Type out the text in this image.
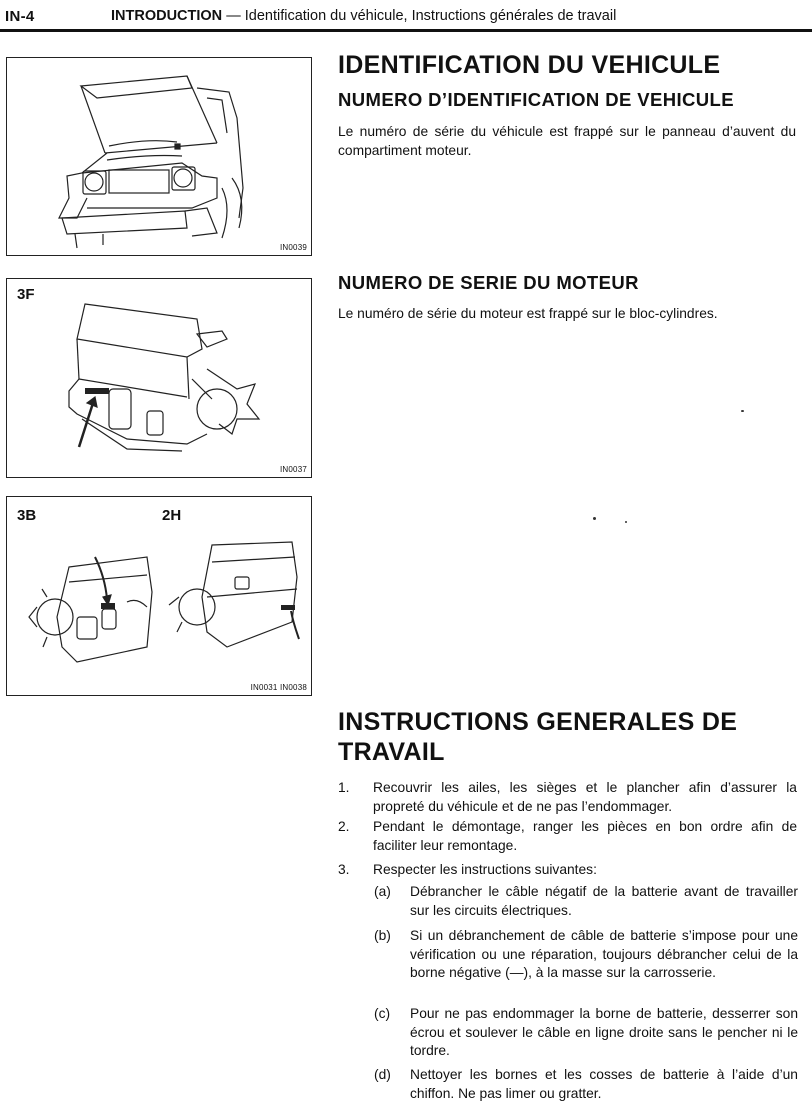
IN-4	INTRODUCTION — Identification du véhicule, Instructions générales de travail
IN0039
3F
IN0037
3B	2H
IN0031 IN0038
IDENTIFICATION DU VEHICULE
NUMERO D’IDENTIFICATION DE VEHICULE
Le numéro de série du véhicule est frappé sur le panneau d’auvent du compartiment moteur.
NUMERO DE SERIE DU MOTEUR
Le numéro de série du moteur est frappé sur le bloc-cylindres.
INSTRUCTIONS GENERALES DE
TRAVAIL
1. Recouvrir les ailes, les sièges et le plancher afin d’assurer la propreté du véhicule et de ne pas l’endommager.
2. Pendant le démontage, ranger les pièces en bon ordre afin de faciliter leur remontage.
3. Respecter les instructions suivantes:
(a) Débrancher le câble négatif de la batterie avant de travailler sur les circuits électriques.
(b) Si un débranchement de câble de batterie s’impose pour une vérification ou une réparation, toujours débrancher celui de la borne négative (—), à la masse sur la carrosserie.
(c) Pour ne pas endommager la borne de batterie, desserrer son écrou et soulever le câble en ligne droite sans le pencher ni le tordre.
(d) Nettoyer les bornes et les cosses de batterie à l’aide d’un chiffon. Ne pas limer ou gratter.
